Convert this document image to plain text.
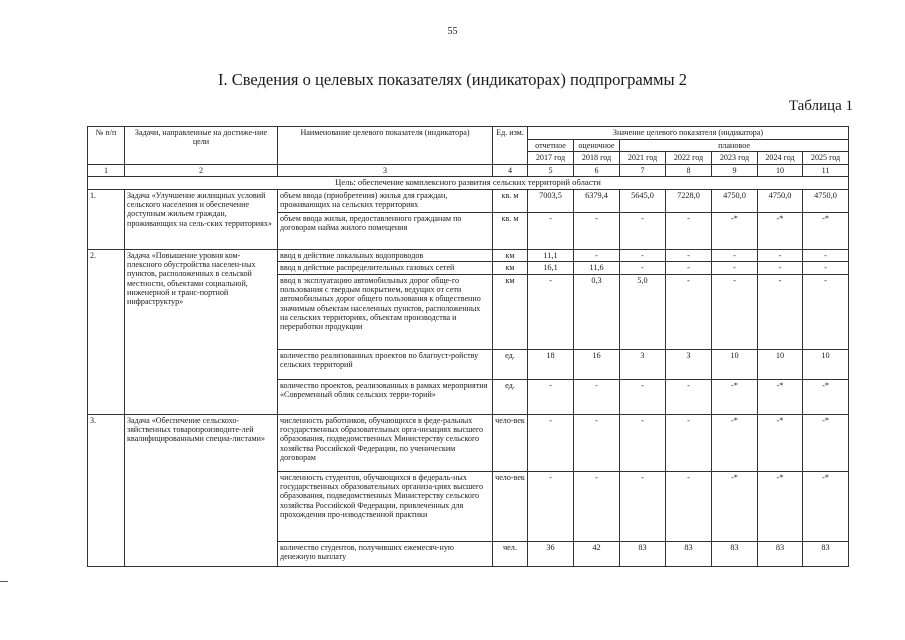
55
I. Сведения о целевых показателях (индикаторах) подпрограммы 2
Таблица 1
№ п/п	Задачи, направленные на достиже-ние цели	Наименование целевого показателя (индикатора)	Ед. изм.	Значение целевого показателя (индикатора)						
				отчетное	оценочное	плановое				
				2017 год	2018 год	2021 год	2022 год	2023 год	2024 год	2025 год
1	2	3	4	5	6	7	8	9	10	11
Цель: обеспечение комплексного развития сельских территорий области										
1.	Задача «Улучшение жилищных условий сельского населения и обеспечение доступным жильем граждан, проживающих на сель-ских территориях»	объем ввода (приобретения) жилья для граждан, проживающих на сельских территориях	кв. м	7003,5	6379,4	5645,0	7228,0	4750,0	4750,0	4750,0
		объем ввода жилья, предоставленного гражданам по договорам найма жилого помещения	кв. м	-	-	-	-	-*	-*	-*
2.	Задача «Повышение уровня ком-плексного обустройства населен-ных пунктов, расположенных в сельской местности, объектами социальной, инженерной и транс-портной инфраструктур»	ввод в действие локальных водопроводов	км	11,1	-	-	-	-	-	-
		ввод в действие распределительных газовых сетей	км	16,1	11,6	-	-	-	-	-
		ввод в эксплуатацию автомобильных дорог обще-го пользования с твердым покрытием, ведущих от сети автомобильных дорог общего пользования к общественно значимым объектам населенных пунктов, расположенных на сельских территориях, объектам производства и переработки продукции	км	-	0,3	5,0	-	-	-	-
		количество реализованных проектов по благоуст-ройству сельских территорий	ед.	18	16	3	3	10	10	10
		количество проектов, реализованных в рамках мероприятия «Современный облик сельских терри-торий»	ед.	-	-	-	-	-*	-*	-*
3.	Задача «Обеспечение сельскохо-зяйственных товаропроизводите-лей квалифицированными специа-листами»	численность работников, обучающихся в феде-ральных государственных образовательных орга-низациях высшего образования, подведомственных Министерству сельского хозяйства Российской Федерации, по ученическим договорам	чело-век	-	-	-	-	-*	-*	-*
		численность студентов, обучающихся в федераль-ных государственных образовательных организа-циях высшего образования, подведомственных Министерству сельского хозяйства Российской Федерации, привлеченных для прохождения про-изводственной практики	чело-век	-	-	-	-	-*	-*	-*
		количество студентов, получивших ежемесяч-ную денежную выплату	чел.	36	42	83	83	83	83	83
